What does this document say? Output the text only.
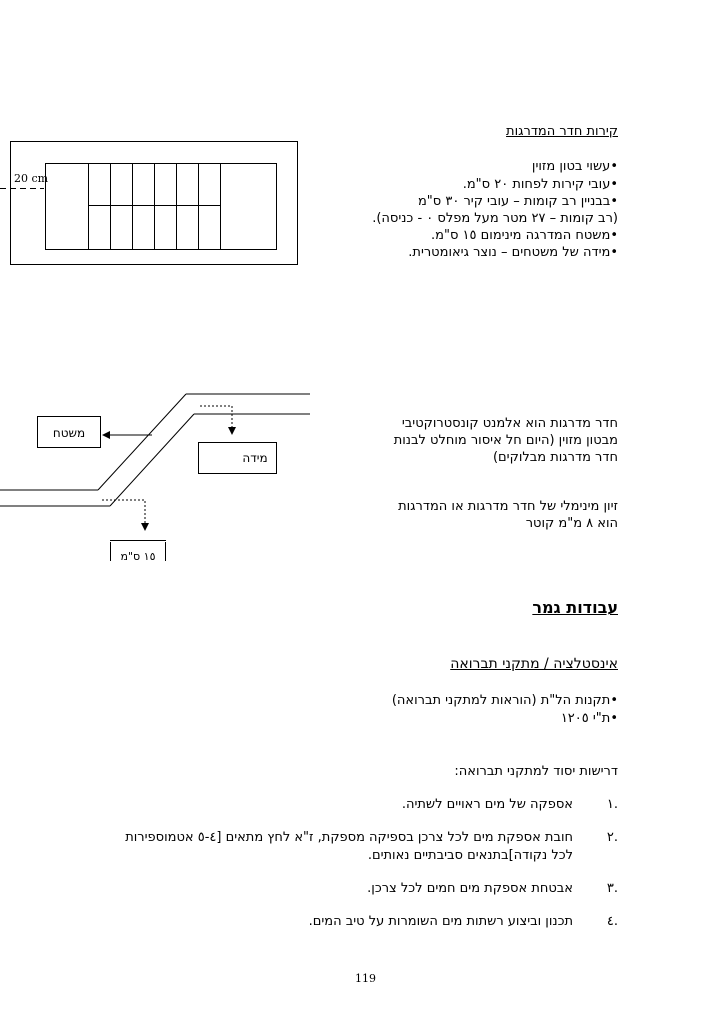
קירות חדר המדרגות
•עשוי בטון מזוין
•עובי קירות לפחות ٢٠ ס"מ.
•בבניין רב קומות – עובי קיר ٣٠ ס"מ
(רב קומות – ٢٧ מטר מעל מפלס ٠ - כניסה).
•משטח המדרגה מינימום ١٥ ס"מ.
•מידה של משטחים – נוצר גיאומטרית.
20 cm
חדר מדרגות הוא אלמנט קונסטרוקטיבי
מבטון מזוין (היום חל איסור מוחלט לבנות
חדר מדרגות מבלוקים)
זיון מינימלי של חדר מדרגות או המדרגות
הוא ٨ מ"מ קוטר
משטח
מידה
١٥ ס"מ
עבודות גמר
אינסטלציה / מתקני תברואה
•תקנות הל"ת (הוראות למתקני תברואה)
•ת"י ١٢٠٥
דרישות יסוד למתקני תברואה:
١.
אספקה של מים ראויים לשתיה.
٢.
חובת אספקת מים לכל צרכן בספיקה מספקת, ז"א לחץ מתאים [٤-٥ אטמוספירות
לכל נקודה]בתנאים סביבתיים נאותים.
٣.
אבטחת אספקת מים חמים לכל צרכן.
٤.
תכנון וביצוע רשתות מים השומרות על טיב המים.
119
